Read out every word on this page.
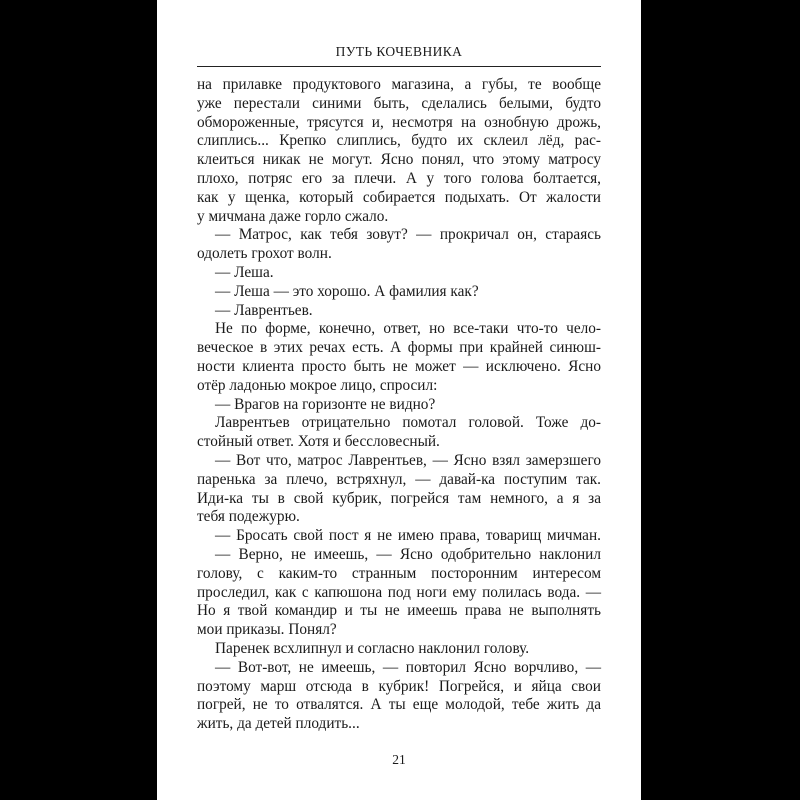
ПУТЬ КОЧЕВНИКА
на прилавке продуктового магазина, а губы, те вообще
уже перестали синими быть, сделались белыми, будто
обмороженные, трясутся и, несмотря на ознобную дрожь,
слиплись... Крепко слиплись, будто их склеил лёд, рас-
клеиться никак не могут. Ясно понял, что этому матросу
плохо, потряс его за плечи. А у того голова болтается,
как у щенка, который собирается подыхать. От жалости
у мичмана даже горло сжало.
— Матрос, как тебя зовут? — прокричал он, стараясь
одолеть грохот волн.
— Леша.
— Леша — это хорошо. А фамилия как?
— Лаврентьев.
Не по форме, конечно, ответ, но все-таки что-то чело-
веческое в этих речах есть. А формы при крайней синюш-
ности клиента просто быть не может — исключено. Ясно
отёр ладонью мокрое лицо, спросил:
— Врагов на горизонте не видно?
Лаврентьев отрицательно помотал головой. Тоже до-
стойный ответ. Хотя и бессловесный.
— Вот что, матрос Лаврентьев, — Ясно взял замерзшего
паренька за плечо, встряхнул, — давай-ка поступим так.
Иди-ка ты в свой кубрик, погрейся там немного, а я за
тебя подежурю.
— Бросать свой пост я не имею права, товарищ мичман.
— Верно, не имеешь, — Ясно одобрительно наклонил
голову, с каким-то странным посторонним интересом
проследил, как с капюшона под ноги ему полилась вода. —
Но я твой командир и ты не имеешь права не выполнять
мои приказы. Понял?
Паренек всхлипнул и согласно наклонил голову.
— Вот-вот, не имеешь, — повторил Ясно ворчливо, —
поэтому марш отсюда в кубрик! Погрейся, и яйца свои
погрей, не то отвалятся. А ты еще молодой, тебе жить да
жить, да детей плодить...
21
